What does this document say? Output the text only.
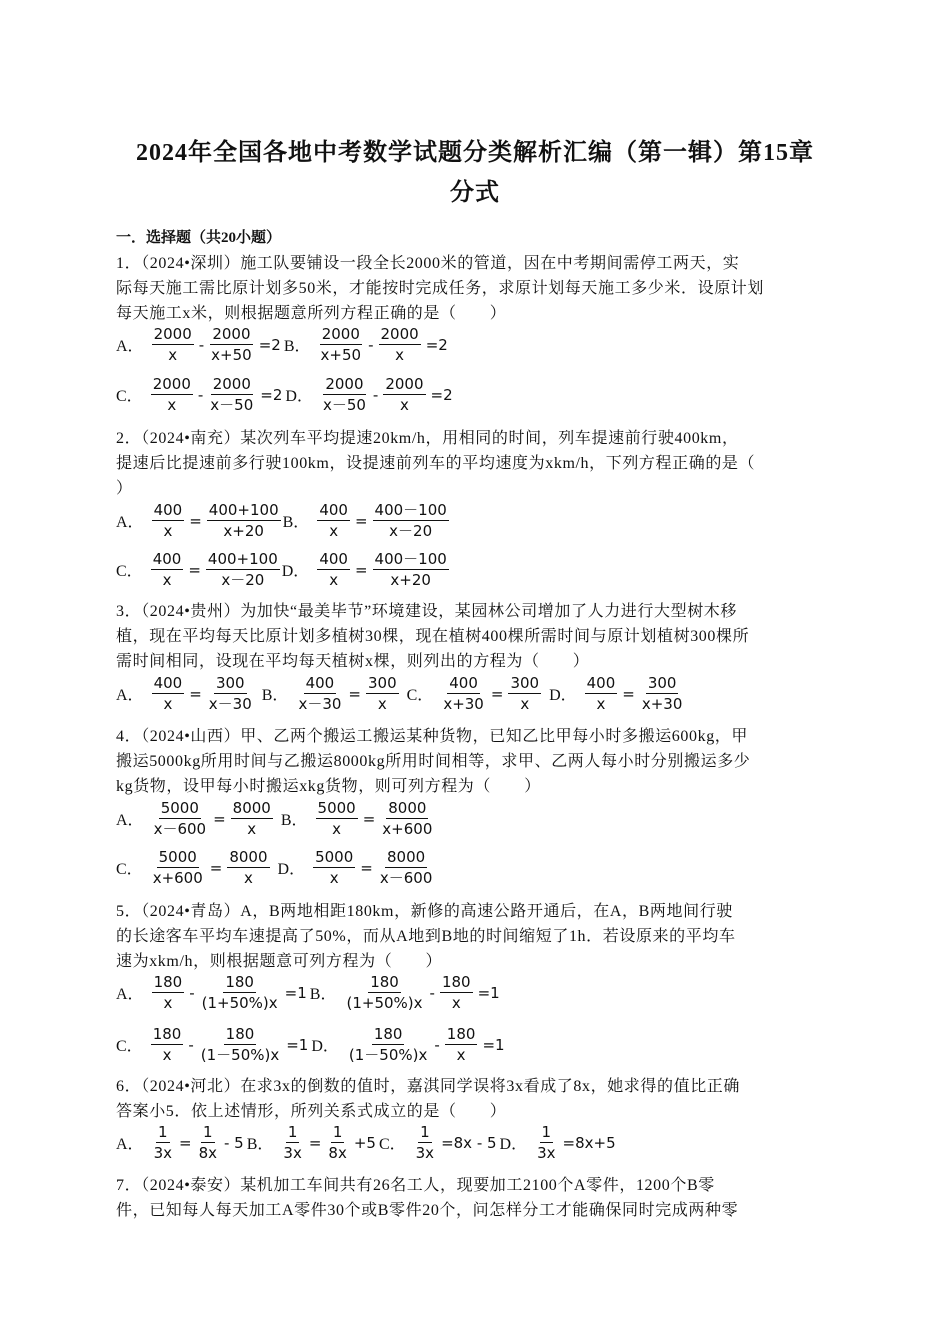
2024年全国各地中考数学试题分类解析汇编（第一辑）第15章
分式
一．选择题（共20小题）
1．（2024•深圳）施工队要铺设一段全长2000米的管道，因在中考期间需停工两天，实
际每天施工需比原计划多50米，才能按时完成任务，求原计划每天施工多少米．设原计划
每天施工x米，则根据题意所列方程正确的是（　　）
A． $\frac{2000}{x} - \frac{2000}{x+50} =2$ B． $\frac{2000}{x+50} - \frac{2000}{x} =2$
C． $\frac{2000}{x} - \frac{2000}{x-50} =2$ D． $\frac{2000}{x-50} - \frac{2000}{x} =2$
2．（2024•南充）某次列车平均提速20km/h，用相同的时间，列车提速前行驶400km，
提速后比提速前多行驶100km，设提速前列车的平均速度为xkm/h，下列方程正确的是（
）
A． $\frac{400}{x} = \frac{400+100}{x+20}$ B． $\frac{400}{x} = \frac{400-100}{x-20}$
C． $\frac{400}{x} = \frac{400+100}{x-20}$ D． $\frac{400}{x} = \frac{400-100}{x+20}$
3．（2024•贵州）为加快“最美毕节”环境建设，某园林公司增加了人力进行大型树木移
植，现在平均每天比原计划多植树30棵，现在植树400棵所需时间与原计划植树300棵所
需时间相同，设现在平均每天植树x棵，则列出的方程为（　　）
A． $\frac{400}{x} = \frac{300}{x-30}$ B． $\frac{400}{x-30} = \frac{300}{x}$ C． $\frac{400}{x+30} = \frac{300}{x}$ D． $\frac{400}{x} = \frac{300}{x+30}$
4．（2024•山西）甲、乙两个搬运工搬运某种货物，已知乙比甲每小时多搬运600kg，甲
搬运5000kg所用时间与乙搬运8000kg所用时间相等，求甲、乙两人每小时分别搬运多少
kg货物，设甲每小时搬运xkg货物，则可列方程为（　　）
A． $\frac{5000}{x-600} = \frac{8000}{x}$ B． $\frac{5000}{x} = \frac{8000}{x+600}$
C． $\frac{5000}{x+600} = \frac{8000}{x}$ D． $\frac{5000}{x} = \frac{8000}{x-600}$
5．（2024•青岛）A，B两地相距180km，新修的高速公路开通后，在A，B两地间行驶
的长途客车平均车速提高了50%，而从A地到B地的时间缩短了1h．若设原来的平均车
速为xkm/h，则根据题意可列方程为（　　）
A． $\frac{180}{x} - \frac{180}{(1+50\%)x} =1$ B． $\frac{180}{(1+50\%)x} - \frac{180}{x} =1$
C． $\frac{180}{x} - \frac{180}{(1-50\%)x} =1$ D． $\frac{180}{(1-50\%)x} - \frac{180}{x} =1$
6．（2024•河北）在求3x的倒数的值时，嘉淇同学误将3x看成了8x，她求得的值比正确
答案小5．依上述情形，所列关系式成立的是（　　）
A． $\frac{1}{3x} = \frac{1}{8x} - 5$ B． $\frac{1}{3x} = \frac{1}{8x} +5$ C． $\frac{1}{3x} =8x - 5$ D． $\frac{1}{3x} =8x+5$
7．（2024•泰安）某机加工车间共有26名工人，现要加工2100个A零件，1200个B零
件，已知每人每天加工A零件30个或B零件20个，问怎样分工才能确保同时完成两种零
